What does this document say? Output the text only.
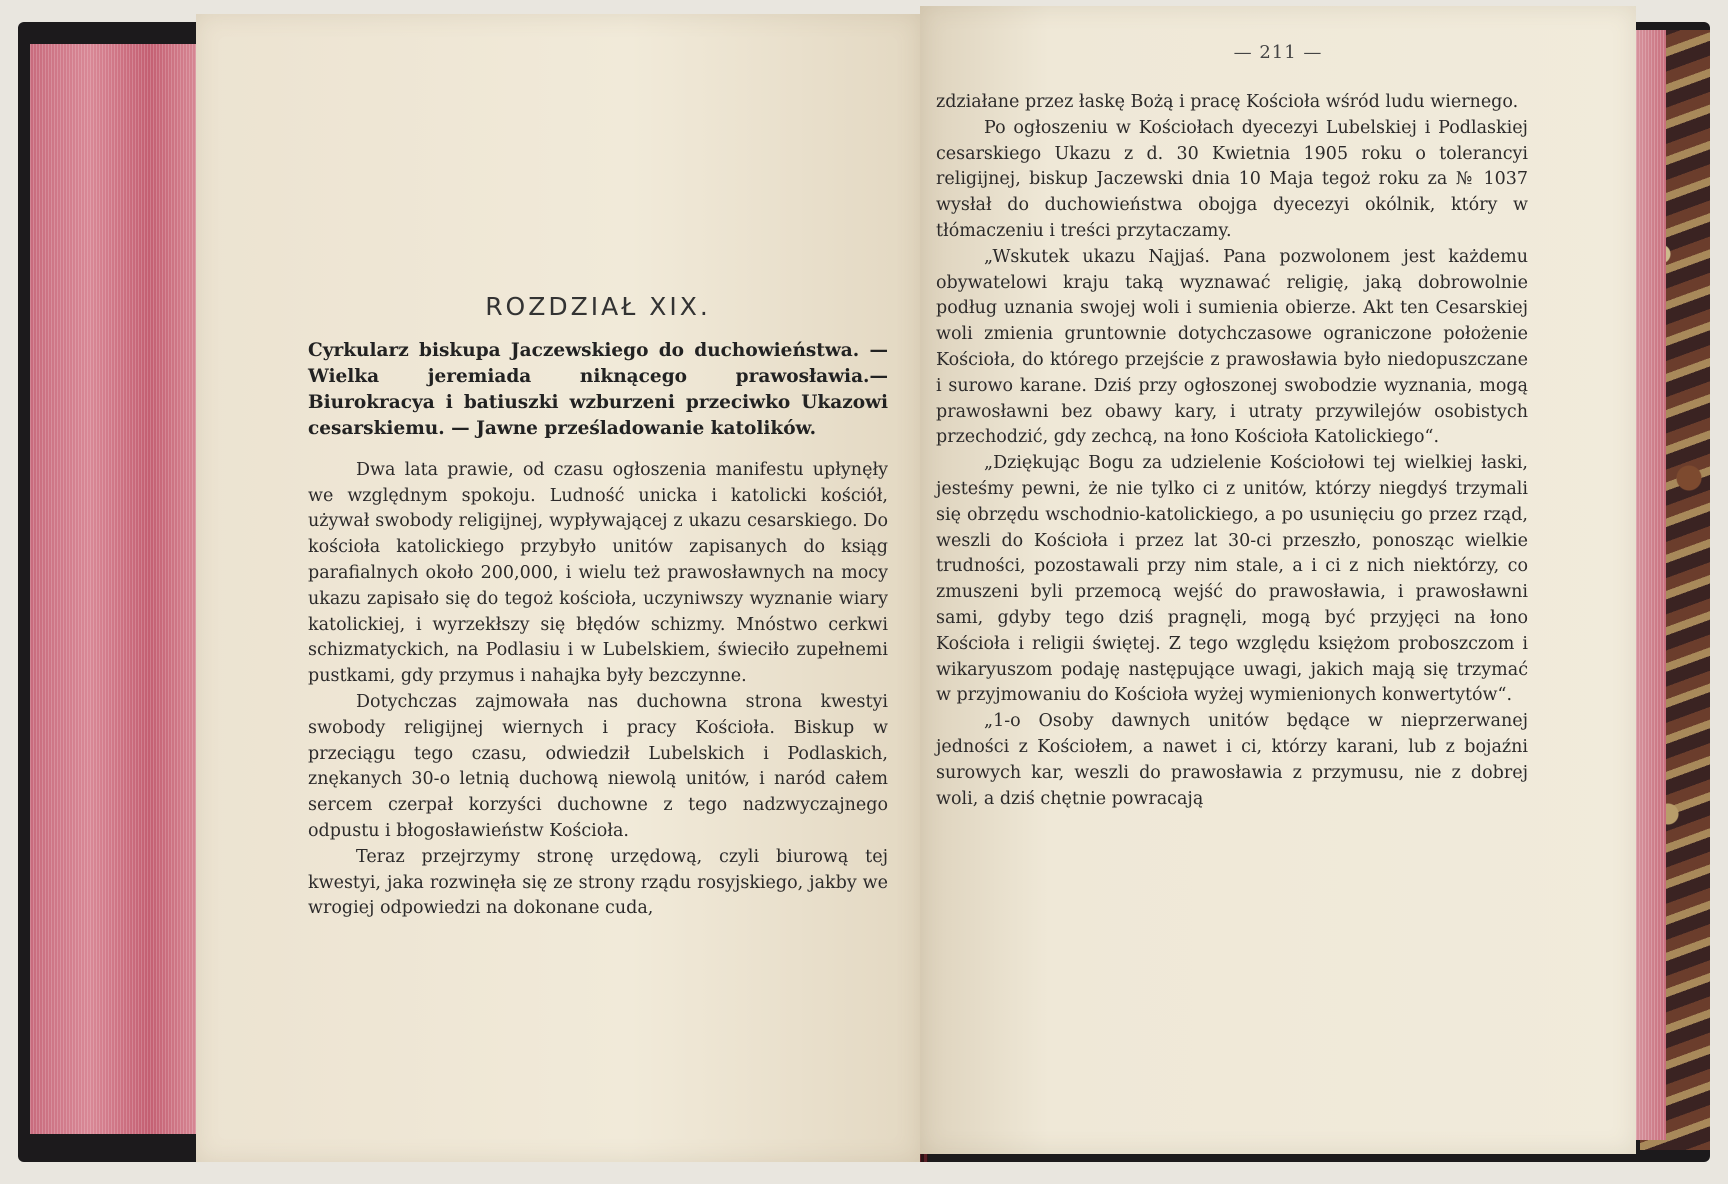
ROZDZIAŁ XIX.

Cyrkularz biskupa Jaczewskiego do duchowieństwa. — Wielka jeremiada niknącego prawosławia.— Biurokracya i batiuszki wzburzeni przeciwko Ukazowi cesarskiemu. — Jawne prześladowanie katolików.

Dwa lata prawie, od czasu ogłoszenia manifestu upłynęły we względnym spokoju. Ludność unicka i katolicki kościół, używał swobody religijnej, wypływającej z ukazu cesarskiego. Do kościoła katolickiego przybyło unitów zapisanych do ksiąg parafialnych około 200,000, i wielu też prawosławnych na mocy ukazu zapisało się do tegoż kościoła, uczyniwszy wyznanie wiary katolickiej, i wyrzekłszy się błędów schizmy. Mnóstwo cerkwi schizmatyckich, na Podlasiu i w Lubelskiem, świeciło zupełnemi pustkami, gdy przymus i nahajka były bezczynne.

Dotychczas zajmowała nas duchowna strona kwestyi swobody religijnej wiernych i pracy Kościoła. Biskup w przeciągu tego czasu, odwiedził Lubelskich i Podlaskich, znękanych 30-o letnią duchową niewolą unitów, i naród całem sercem czerpał korzyści duchowne z tego nadzwyczajnego odpustu i błogosławieństw Kościoła.

Teraz przejrzymy stronę urzędową, czyli biurową tej kwestyi, jaka rozwinęła się ze strony rządu rosyjskiego, jakby we wrogiej odpowiedzi na dokonane cuda,

— 211 —

zdziałane przez łaskę Bożą i pracę Kościoła wśród ludu wiernego.

Po ogłoszeniu w Kościołach dyecezyi Lubelskiej i Podlaskiej cesarskiego Ukazu z d. 30 Kwietnia 1905 roku o tolerancyi religijnej, biskup Jaczewski dnia 10 Maja tegoż roku za № 1037 wysłał do duchowieństwa obojga dyecezyi okólnik, który w tłómaczeniu i treści przytaczamy.

„Wskutek ukazu Najjaś. Pana pozwolonem jest każdemu obywatelowi kraju taką wyznawać religię, jaką dobrowolnie podług uznania swojej woli i sumienia obierze. Akt ten Cesarskiej woli zmienia gruntownie dotychczasowe ograniczone położenie Kościoła, do którego przejście z prawosławia było niedopuszczane i surowo karane. Dziś przy ogłoszonej swobodzie wyznania, mogą prawosławni bez obawy kary, i utraty przywilejów osobistych przechodzić, gdy zechcą, na łono Kościoła Katolickiego“.

„Dziękując Bogu za udzielenie Kościołowi tej wielkiej łaski, jesteśmy pewni, że nie tylko ci z unitów, którzy niegdyś trzymali się obrzędu wschodnio-katolickiego, a po usunięciu go przez rząd, weszli do Kościoła i przez lat 30-ci przeszło, ponosząc wielkie trudności, pozostawali przy nim stale, a i ci z nich niektórzy, co zmuszeni byli przemocą wejść do prawosławia, i prawosławni sami, gdyby tego dziś pragnęli, mogą być przyjęci na łono Kościoła i religii świętej. Z tego względu księżom proboszczom i wikaryuszom podaję następujące uwagi, jakich mają się trzymać w przyjmowaniu do Kościoła wyżej wymienionych konwertytów“.

„1-o Osoby dawnych unitów będące w nieprzerwanej jedności z Kościołem, a nawet i ci, którzy karani, lub z bojaźni surowych kar, weszli do prawosławia z przymusu, nie z dobrej woli, a dziś chętnie powracają
